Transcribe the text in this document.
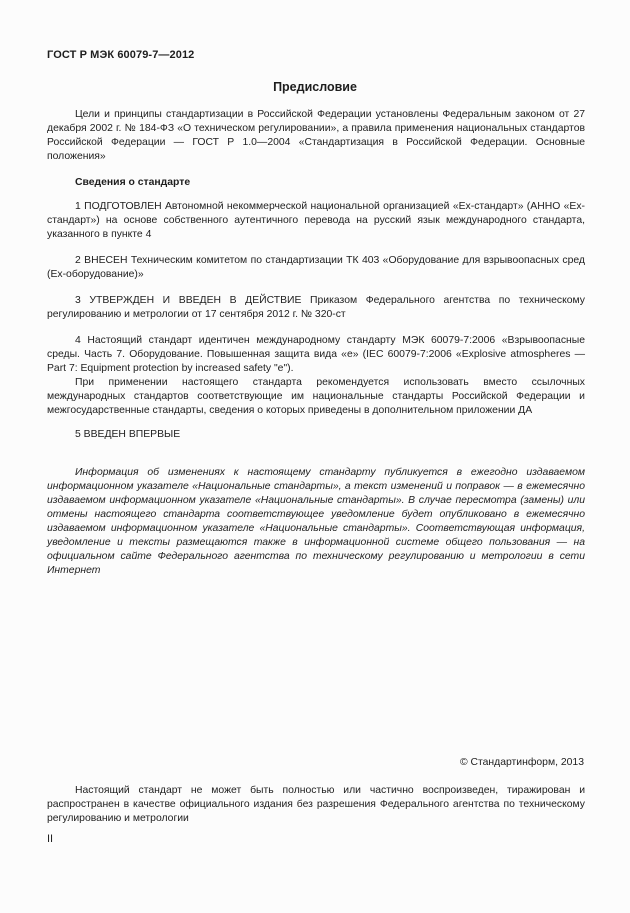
ГОСТ Р МЭК 60079-7—2012
Предисловие

Цели и принципы стандартизации в Российской Федерации установлены Федеральным законом от 27 декабря 2002 г. № 184-ФЗ «О техническом регулировании», а правила применения национальных стандартов Российской Федерации — ГОСТ Р 1.0—2004 «Стандартизация в Российской Федерации. Основные положения»

Сведения о стандарте

1 ПОДГОТОВЛЕН Автономной некоммерческой национальной организацией «Ех-стандарт» (АННО «Ех-стандарт») на основе собственного аутентичного перевода на русский язык международного стандарта, указанного в пункте 4

2 ВНЕСЕН Техническим комитетом по стандартизации ТК 403 «Оборудование для взрывоопасных сред (Ех-оборудование)»

3 УТВЕРЖДЕН И ВВЕДЕН В ДЕЙСТВИЕ Приказом Федерального агентства по техническому регулированию и метрологии от 17 сентября 2012 г. № 320-ст

4 Настоящий стандарт идентичен международному стандарту МЭК 60079-7:2006 «Взрывоопасные среды. Часть 7. Оборудование. Повышенная защита вида «е» (IEC 60079-7:2006 «Explosive atmospheres — Part 7: Equipment protection by increased safety "e").

При применении настоящего стандарта рекомендуется использовать вместо ссылочных международных стандартов соответствующие им национальные стандарты Российской Федерации и межгосударственные стандарты, сведения о которых приведены в дополнительном приложении ДА

5 ВВЕДЕН ВПЕРВЫЕ

Информация об изменениях к настоящему стандарту публикуется в ежегодно издаваемом информационном указателе «Национальные стандарты», а текст изменений и поправок — в ежемесячно издаваемом информационном указателе «Национальные стандарты». В случае пересмотра (замены) или отмены настоящего стандарта соответствующее уведомление будет опубликовано в ежемесячно издаваемом информационном указателе «Национальные стандарты». Соответствующая информация, уведомление и тексты размещаются также в информационной системе общего пользования — на официальном сайте Федерального агентства по техническому регулированию и метрологии в сети Интернет

© Стандартинформ, 2013

Настоящий стандарт не может быть полностью или частично воспроизведен, тиражирован и распространен в качестве официального издания без разрешения Федерального агентства по техническому регулированию и метрологии

II
